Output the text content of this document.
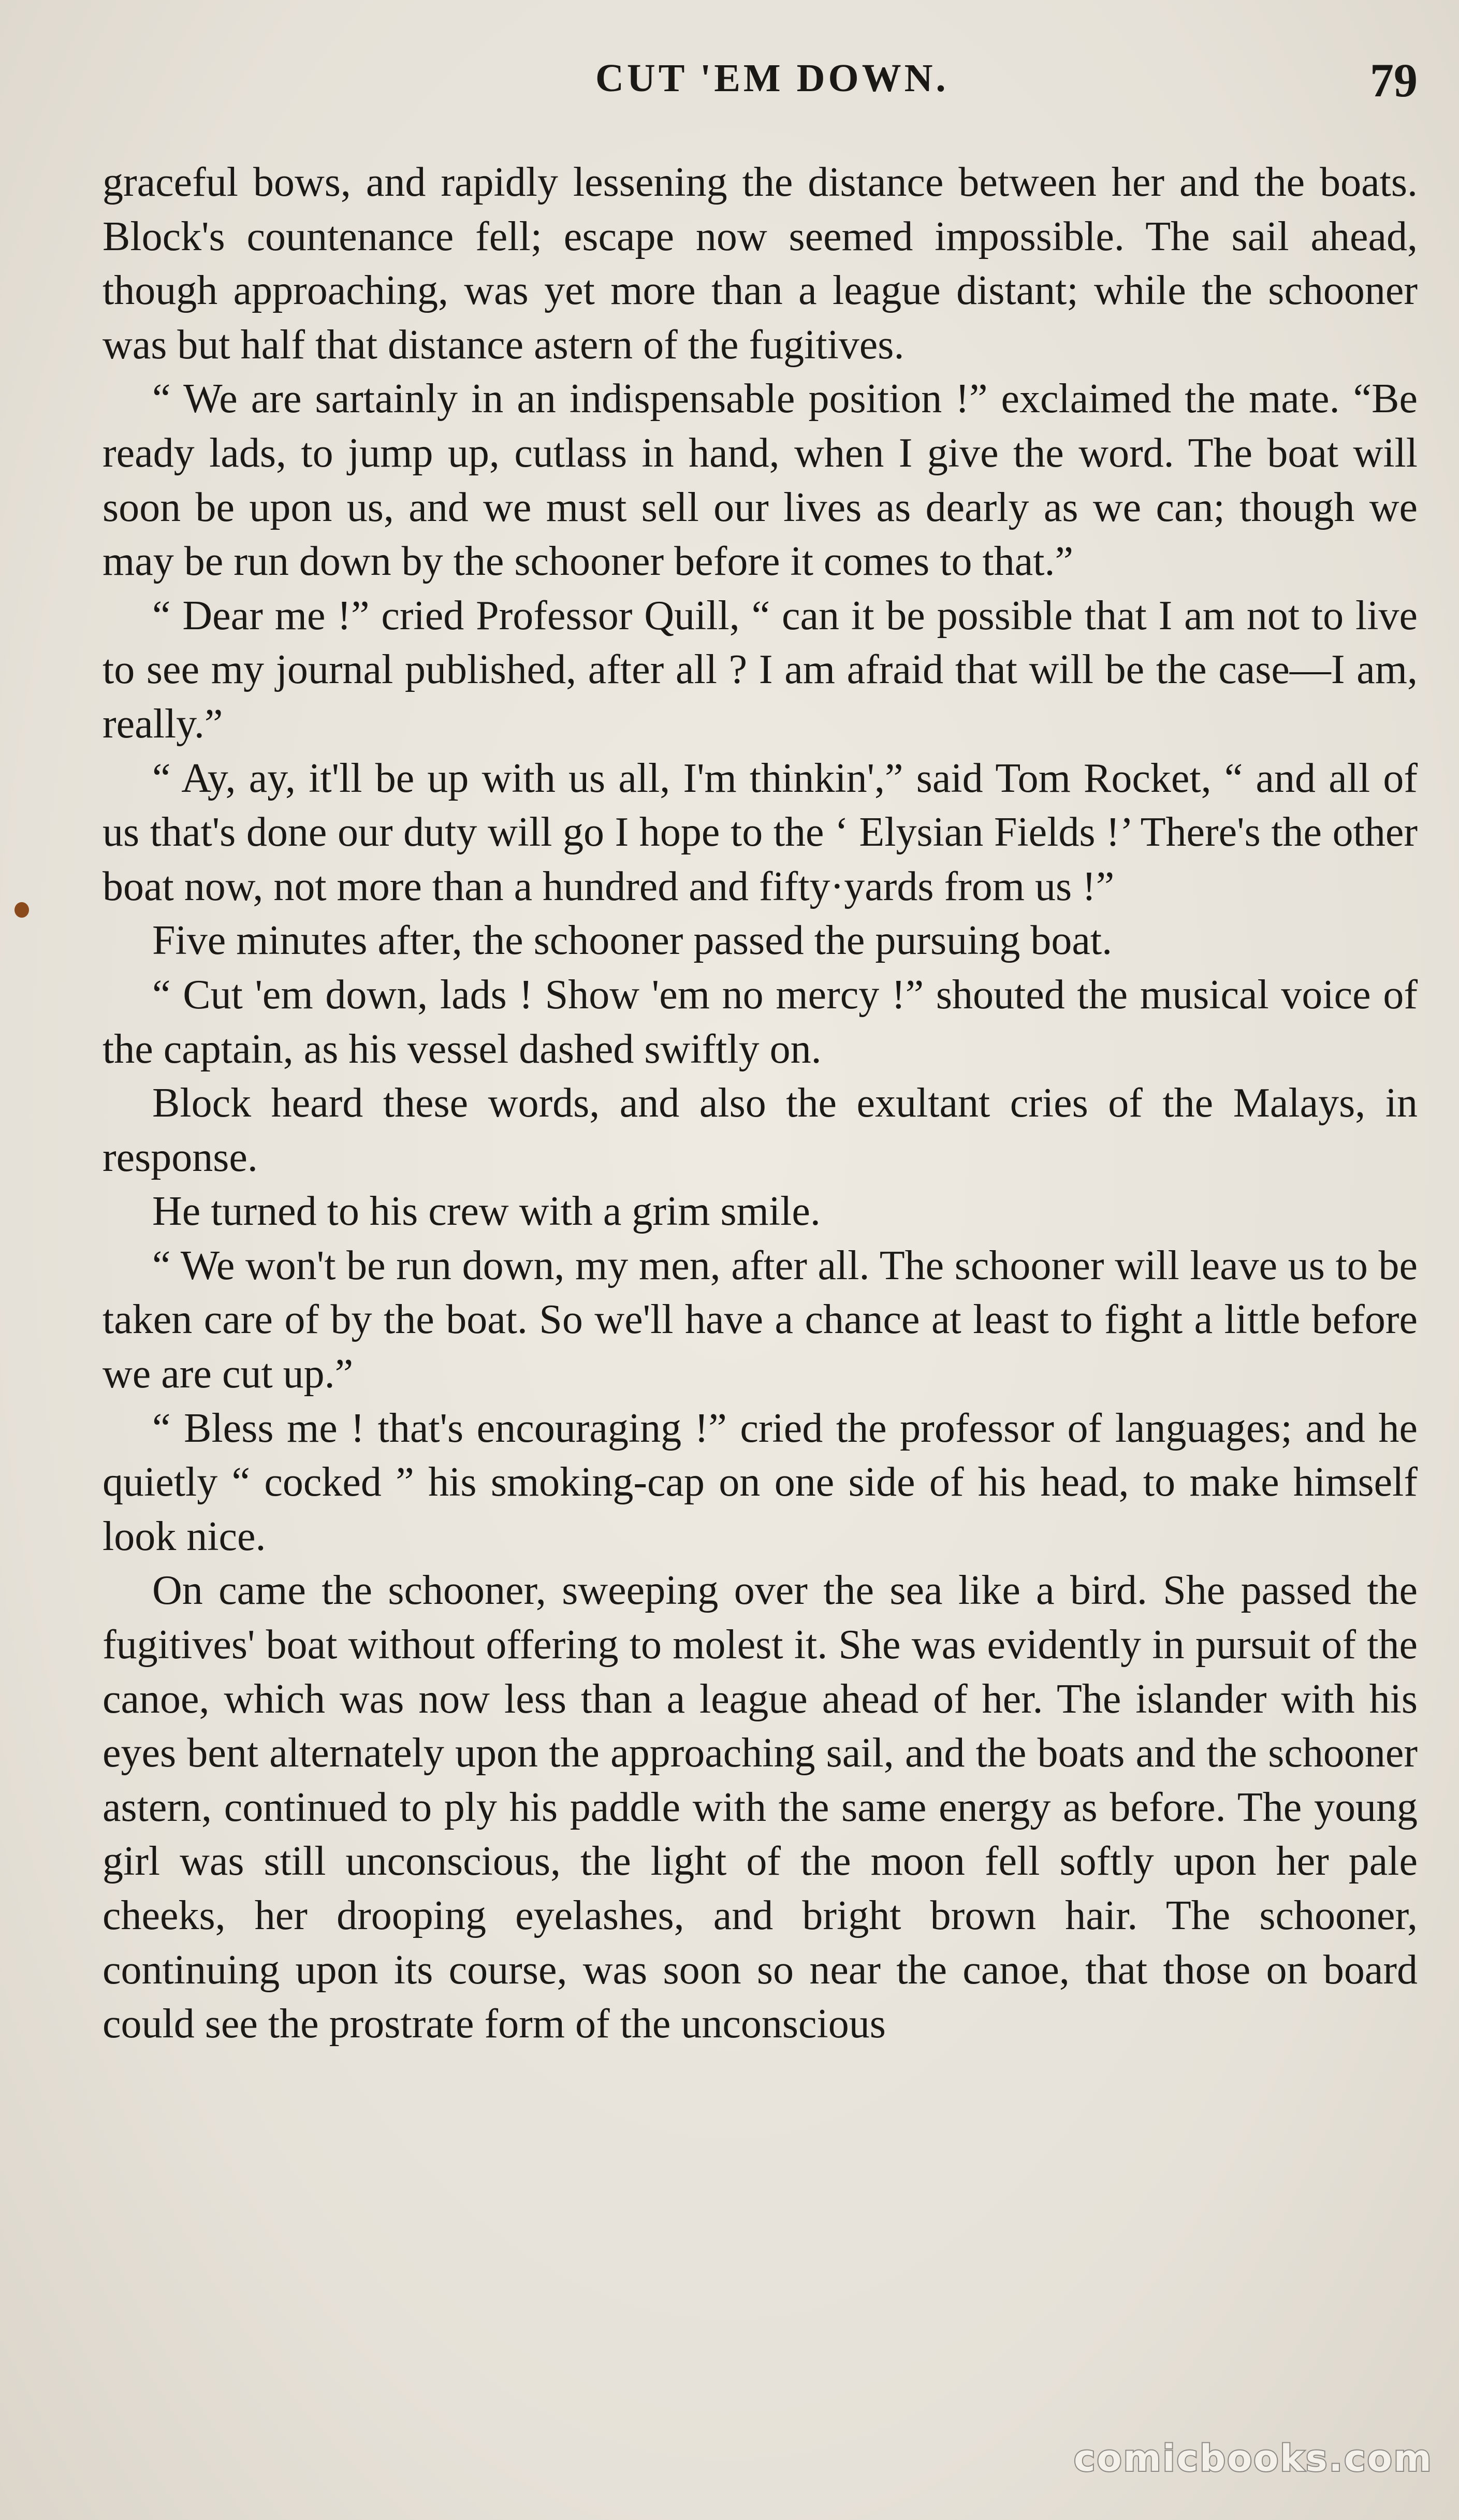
CUT 'EM DOWN.	79

graceful bows, and rapidly lessening the distance between her and the boats. Block's countenance fell; escape now seemed impossible. The sail ahead, though approaching, was yet more than a league distant; while the schooner was but half that distance astern of the fugitives.

“ We are sartainly in an indispensable position !” exclaimed the mate. “Be ready lads, to jump up, cutlass in hand, when I give the word. The boat will soon be upon us, and we must sell our lives as dearly as we can; though we may be run down by the schooner before it comes to that.”

“ Dear me !” cried Professor Quill, “ can it be possible that I am not to live to see my journal published, after all ? I am afraid that will be the case—I am, really.”

“ Ay, ay, it'll be up with us all, I'm thinkin',” said Tom Rocket, “ and all of us that's done our duty will go I hope to the ‘ Elysian Fields !’ There's the other boat now, not more than a hundred and fifty·yards from us !”

Five minutes after, the schooner passed the pursuing boat.

“ Cut 'em down, lads ! Show 'em no mercy !” shouted the musical voice of the captain, as his vessel dashed swiftly on.

Block heard these words, and also the exultant cries of the Malays, in response.

He turned to his crew with a grim smile.

“ We won't be run down, my men, after all. The schooner will leave us to be taken care of by the boat. So we'll have a chance at least to fight a little before we are cut up.”

“ Bless me ! that's encouraging !” cried the professor of languages; and he quietly “ cocked ” his smoking-cap on one side of his head, to make himself look nice.

On came the schooner, sweeping over the sea like a bird. She passed the fugitives' boat without offering to molest it. She was evidently in pursuit of the canoe, which was now less than a league ahead of her. The islander with his eyes bent alternately upon the approaching sail, and the boats and the schooner astern, continued to ply his paddle with the same energy as before. The young girl was still unconscious, the light of the moon fell softly upon her pale cheeks, her drooping eyelashes, and bright brown hair. The schooner, continuing upon its course, was soon so near the canoe, that those on board could see the prostrate form of the unconscious

comicbooks.com
